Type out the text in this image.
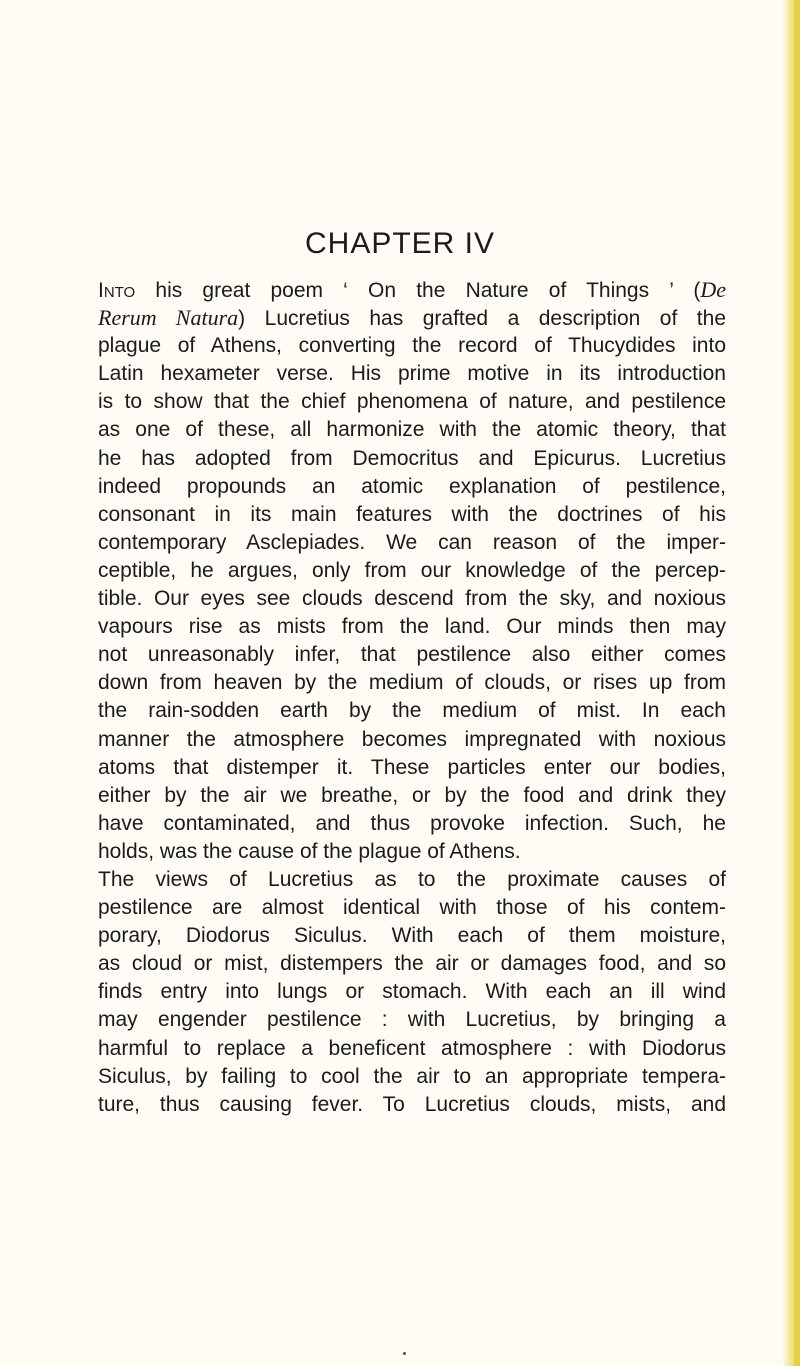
CHAPTER IV
Into his great poem ‘ On the Nature of Things ’ (De
Rerum Natura) Lucretius has grafted a description of the
plague of Athens, converting the record of Thucydides into
Latin hexameter verse. His prime motive in its introduction
is to show that the chief phenomena of nature, and pestilence
as one of these, all harmonize with the atomic theory, that
he has adopted from Democritus and Epicurus. Lucretius
indeed propounds an atomic explanation of pestilence,
consonant in its main features with the doctrines of his
contemporary Asclepiades. We can reason of the imper-
ceptible, he argues, only from our knowledge of the percep-
tible. Our eyes see clouds descend from the sky, and noxious
vapours rise as mists from the land. Our minds then may
not unreasonably infer, that pestilence also either comes
down from heaven by the medium of clouds, or rises up from
the rain-sodden earth by the medium of mist. In each
manner the atmosphere becomes impregnated with noxious
atoms that distemper it. These particles enter our bodies,
either by the air we breathe, or by the food and drink they
have contaminated, and thus provoke infection. Such, he
holds, was the cause of the plague of Athens.
The views of Lucretius as to the proximate causes of
pestilence are almost identical with those of his contem-
porary, Diodorus Siculus. With each of them moisture,
as cloud or mist, distempers the air or damages food, and so
finds entry into lungs or stomach. With each an ill wind
may engender pestilence : with Lucretius, by bringing a
harmful to replace a beneficent atmosphere : with Diodorus
Siculus, by failing to cool the air to an appropriate tempera-
ture, thus causing fever. To Lucretius clouds, mists, and
